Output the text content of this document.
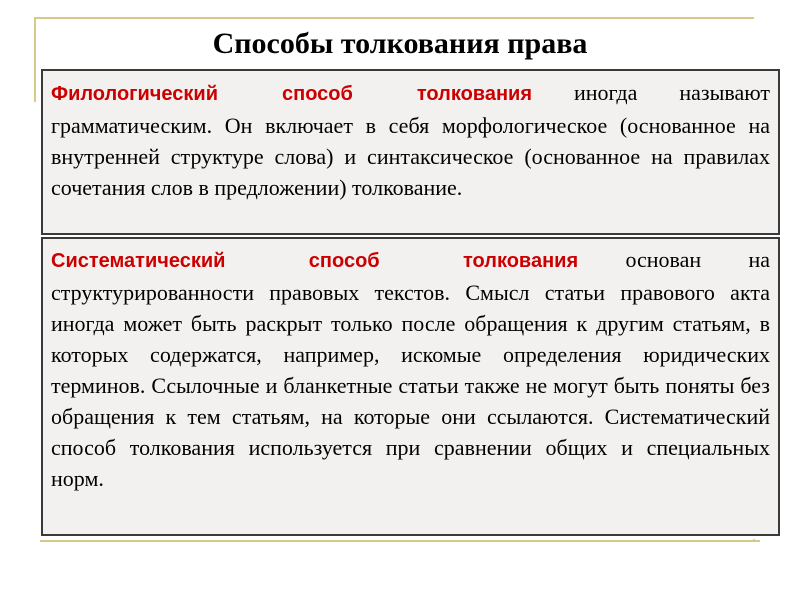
Способы толкования права
Филологический способ толкования иногда называют грамматическим. Он включает в себя морфологическое (основанное на внутренней структуре слова) и синтаксическое (основанное на правилах сочетания слов в предложении) толкование.
Систематический способ толкования основан на структурированности правовых текстов. Смысл статьи правового акта иногда может быть раскрыт только после обращения к другим статьям, в которых содержатся, например, искомые определения юридических терминов. Ссылочные и бланкетные статьи также не могут быть поняты без обращения к тем статьям, на которые они ссылаются. Систематический способ толкования используется при сравнении общих и специальных норм.
